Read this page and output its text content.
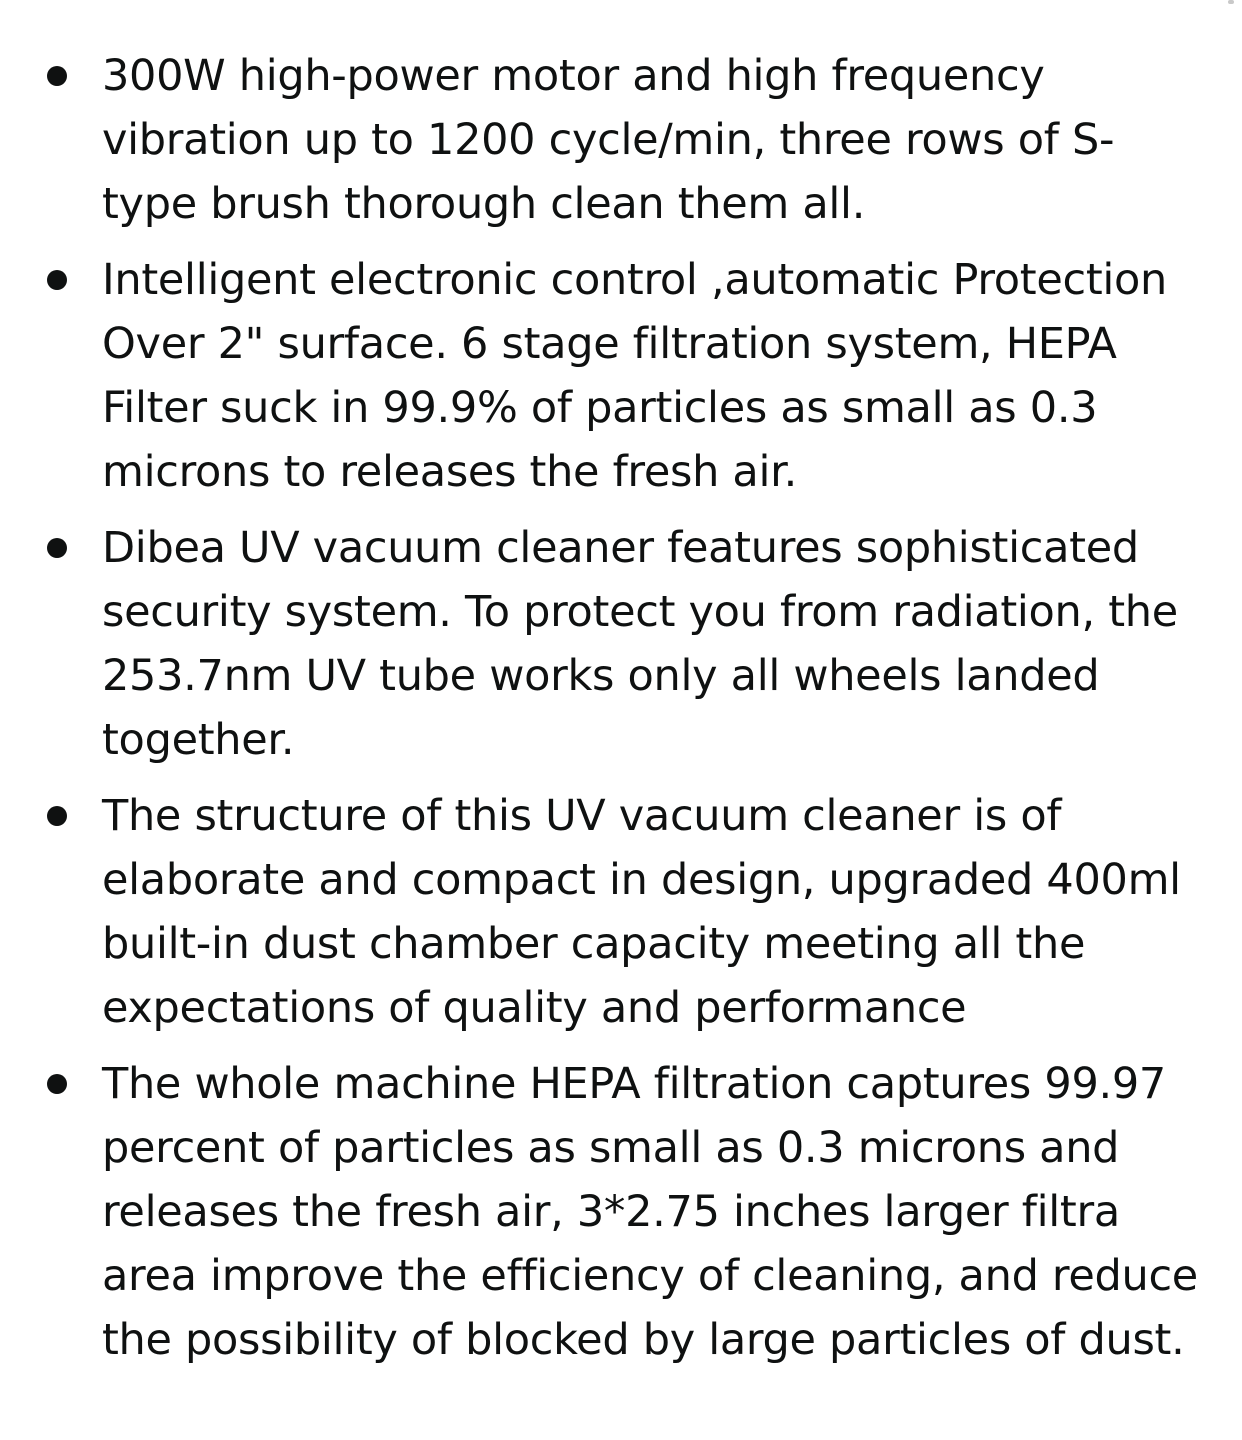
300W high-power motor and high frequency vibration up to 1200 cycle/min, three rows of S-type brush thorough clean them all.
Intelligent electronic control ,automatic Protection Over 2" surface. 6 stage filtration system, HEPA Filter suck in 99.9% of particles as small as 0.3 microns to releases the fresh air.
Dibea UV vacuum cleaner features sophisticated security system. To protect you from radiation, the 253.7nm UV tube works only all wheels landed together.
The structure of this UV vacuum cleaner is of elaborate and compact in design, upgraded 400ml built-in dust chamber capacity meeting all the expectations of quality and performance
The whole machine HEPA filtration captures 99.97 percent of particles as small as 0.3 microns and releases the fresh air, 3*2.75 inches larger filtra area improve the efficiency of cleaning, and reduce the possibility of blocked by large particles of dust.
